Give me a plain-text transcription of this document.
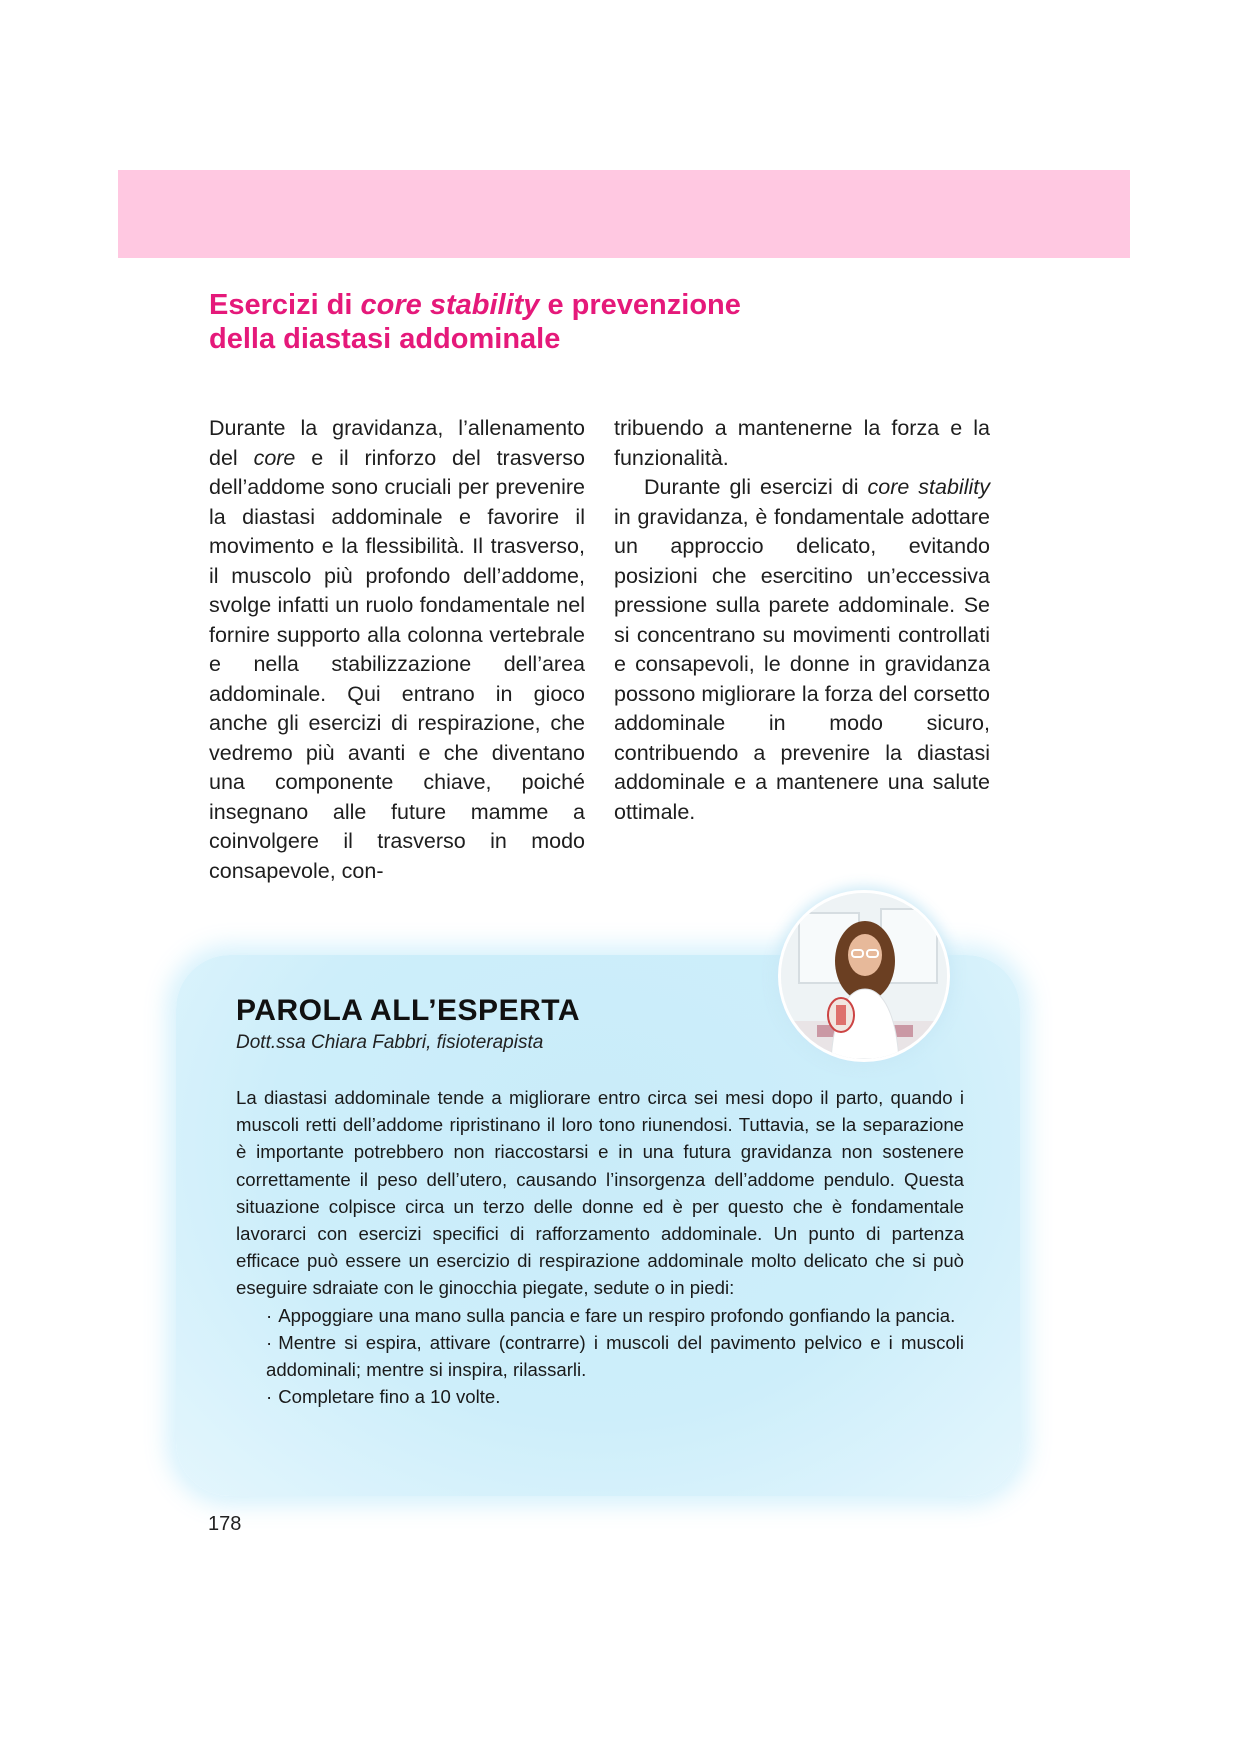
Esercizi di core stability e prevenzione
della diastasi addominale

Durante la gravidanza, l’allenamento del core e il rinforzo del trasverso dell’addome sono cruciali per prevenire la diastasi addominale e favorire il movimento e la flessibilità. Il trasverso, il muscolo più profondo dell’addome, svolge infatti un ruolo fondamentale nel fornire supporto alla colonna vertebrale e nella stabilizzazione dell’area addominale. Qui entrano in gioco anche gli esercizi di respirazione, che vedremo più avanti e che diventano una componente chiave, poiché insegnano alle future mamme a coinvolgere il trasverso in modo consapevole, con-

tribuendo a mantenerne la forza e la funzionalità.

Durante gli esercizi di core stability in gravidanza, è fondamentale adottare un approccio delicato, evitando posizioni che esercitino un’eccessiva pressione sulla parete addominale. Se si concentrano su movimenti controllati e consapevoli, le donne in gravidanza possono migliorare la forza del corsetto addominale in modo sicuro, contribuendo a prevenire la diastasi addominale e a mantenere una salute ottimale.

PAROLA ALL’ESPERTA
Dott.ssa Chiara Fabbri, fisioterapista

La diastasi addominale tende a migliorare entro circa sei mesi dopo il parto, quando i muscoli retti dell’addome ripristinano il loro tono riunendosi. Tuttavia, se la separazione è importante potrebbero non riaccostarsi e in una futura gravidanza non sostenere correttamente il peso dell’utero, causando l’insorgenza dell’addome pendulo. Questa situazione colpisce circa un terzo delle donne ed è per questo che è fondamentale lavorarci con esercizi specifici di rafforzamento addominale. Un punto di partenza efficace può essere un esercizio di respirazione addominale molto delicato che si può eseguire sdraiate con le ginocchia piegate, sedute o in piedi:

· Appoggiare una mano sulla pancia e fare un respiro profondo gonfiando la pancia.
· Mentre si espira, attivare (contrarre) i muscoli del pavimento pelvico e i muscoli addominali; mentre si inspira, rilassarli.
· Completare fino a 10 volte.
178
